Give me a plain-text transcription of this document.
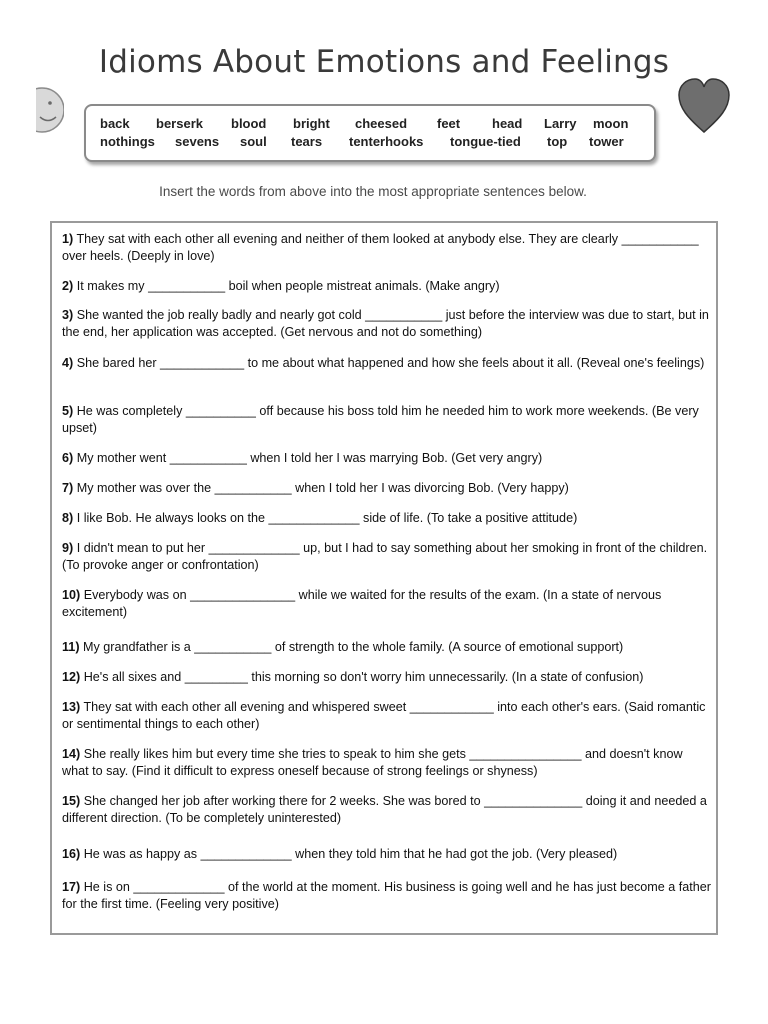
Idioms About Emotions and Feelings
back berserk blood bright cheesed feet head Larry moon
nothings sevens soul tears tenterhooks tongue-tied top tower
Insert the words from above into the most appropriate sentences below.
1) They sat with each other all evening and neither of them looked at anybody else. They are clearly ___________ over heels. (Deeply in love)
2) It makes my ___________ boil when people mistreat animals. (Make angry)
3) She wanted the job really badly and nearly got cold ___________ just before the interview was due to start, but in the end, her application was accepted. (Get nervous and not do something)
4) She bared her ____________ to me about what happened and how she feels about it all. (Reveal one's feelings)
5) He was completely __________ off because his boss told him he needed him to work more weekends. (Be very upset)
6) My mother went ___________ when I told her I was marrying Bob. (Get very angry)
7) My mother was over the ___________ when I told her I was divorcing Bob. (Very happy)
8) I like Bob. He always looks on the _____________ side of life. (To take a positive attitude)
9) I didn't mean to put her _____________ up, but I had to say something about her smoking in front of the children. (To provoke anger or confrontation)
10) Everybody was on _______________ while we waited for the results of the exam. (In a state of nervous excitement)
11) My grandfather is a ___________ of strength to the whole family. (A source of emotional support)
12) He's all sixes and _________ this morning so don't worry him unnecessarily. (In a state of confusion)
13) They sat with each other all evening and whispered sweet ____________ into each other's ears. (Said romantic or sentimental things to each other)
14) She really likes him but every time she tries to speak to him she gets ________________ and doesn't know what to say. (Find it difficult to express oneself because of strong feelings or shyness)
15) She changed her job after working there for 2 weeks. She was bored to ______________ doing it and needed a different direction. (To be completely uninterested)
16) He was as happy as _____________ when they told him that he had got the job. (Very pleased)
17) He is on _____________ of the world at the moment. His business is going well and he has just become a father for the first time. (Feeling very positive)
